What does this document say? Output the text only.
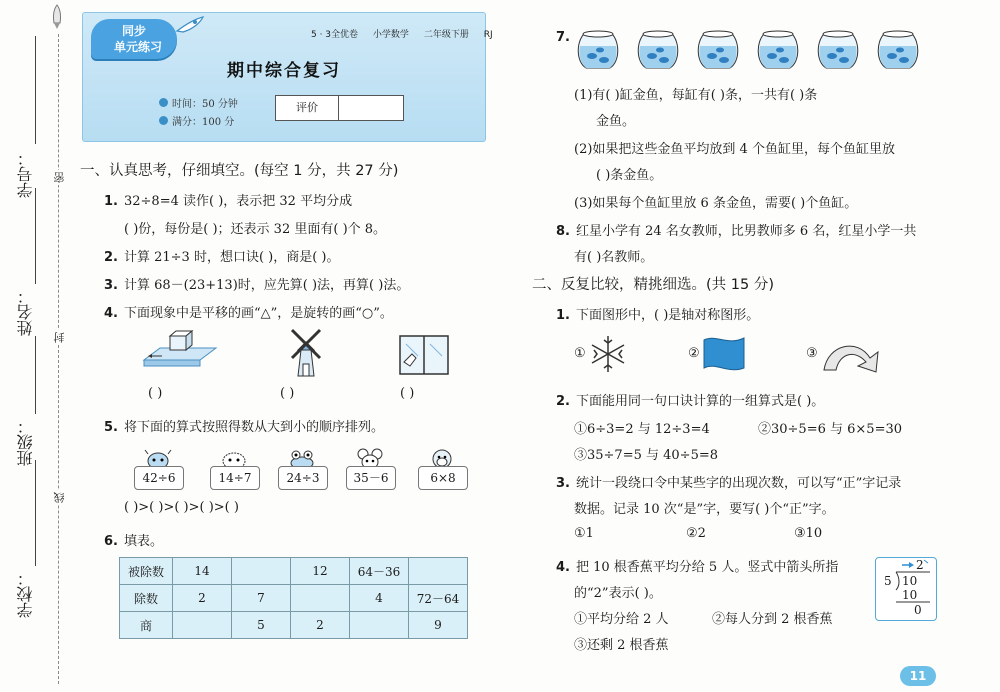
学号：
姓名：
班级：
学校：
密
封
线
同步
单元练习
5 · 3全优卷 小学数学 二年级下册 RJ
期中综合复习
时间：50 分钟
满分：100 分
评价
一、认真思考，仔细填空。(每空 1 分，共 27 分)
1. 32÷8=4 读作( )，表示把 32 平均分成
( )份，每份是( )；还表示 32 里面有( )个 8。
2. 计算 21÷3 时，想口诀( )，商是( )。
3. 计算 68－(23+13)时，应先算( )法，再算( )法。
4. 下面现象中是平移的画“△”，是旋转的画“○”。
( )	( )	( )
5. 将下面的算式按照得数从大到小的顺序排列。
42÷6	14÷7	24÷3	35－6	6×8
( )>( )>( )>( )>( )
6. 填表。
被除数	14		12	64－36	
除数	2	7		4	72－64
商		5	2		9
7.
(1)有( )缸金鱼，每缸有( )条，一共有( )条
金鱼。
(2)如果把这些金鱼平均放到 4 个鱼缸里，每个鱼缸里放
( )条金鱼。
(3)如果每个鱼缸里放 6 条金鱼，需要( )个鱼缸。
8. 红星小学有 24 名女教师，比男教师多 6 名，红星小学一共
有( )名教师。
二、反复比较，精挑细选。(共 15 分)
1. 下面图形中，( )是轴对称图形。
①	②	③
2. 下面能用同一句口诀计算的一组算式是( )。
①6÷3=2 与 12÷3=4	②30÷5=6 与 6×5=30
③35÷7=5 与 40÷5=8
3. 统计一段绕口令中某些字的出现次数，可以写“正”字记录
数据。记录 10 次“是”字，要写( )个“正”字。
①1	②2	③10
4. 把 10 根香蕉平均分给 5 人。竖式中箭头所指
的“2”表示( )。
①平均分给 2 人	②每人分到 2 根香蕉
③还剩 2 根香蕉
2
5 10
10
0
11
